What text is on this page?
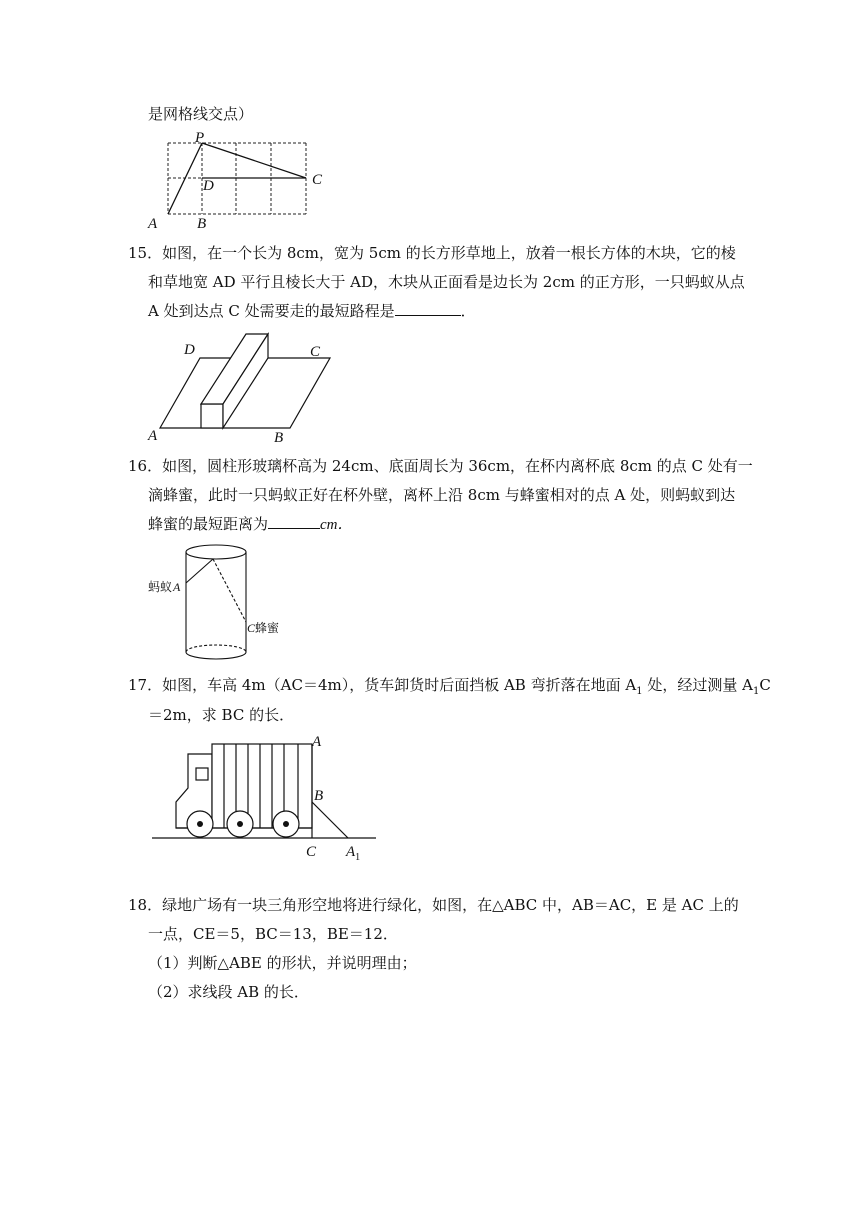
是网格线交点）
P
D	C
A	B
15．如图，在一个长为 8cm，宽为 5cm 的长方形草地上，放着一根长方体的木块，它的棱
和草地宽 AD 平行且棱长大于 AD，木块从正面看是边长为 2cm 的正方形，一只蚂蚁从点
A 处到达点 C 处需要走的最短路程是	．
D	C
A	B
16．如图，圆柱形玻璃杯高为 24cm、底面周长为 36cm，在杯内离杯底 8cm 的点 C 处有一
滴蜂蜜，此时一只蚂蚁正好在杯外壁，离杯上沿 8cm 与蜂蜜相对的点 A 处，则蚂蚁到达
蜂蜜的最短距离为	cm．
蚂蚁 A
C 蜂蜜
17．如图，车高 4m（AC＝4m），货车卸货时后面挡板 AB 弯折落在地面 $A_1$ 处，经过测量 $A_1C$
＝2m，求 BC 的长．
A
B
C $A_1$
18．绿地广场有一块三角形空地将进行绿化，如图，在△ABC 中，AB＝AC，E 是 AC 上的
一点，CE＝5，BC＝13，BE＝12．
（1）判断△ABE 的形状，并说明理由；
（2）求线段 AB 的长．
